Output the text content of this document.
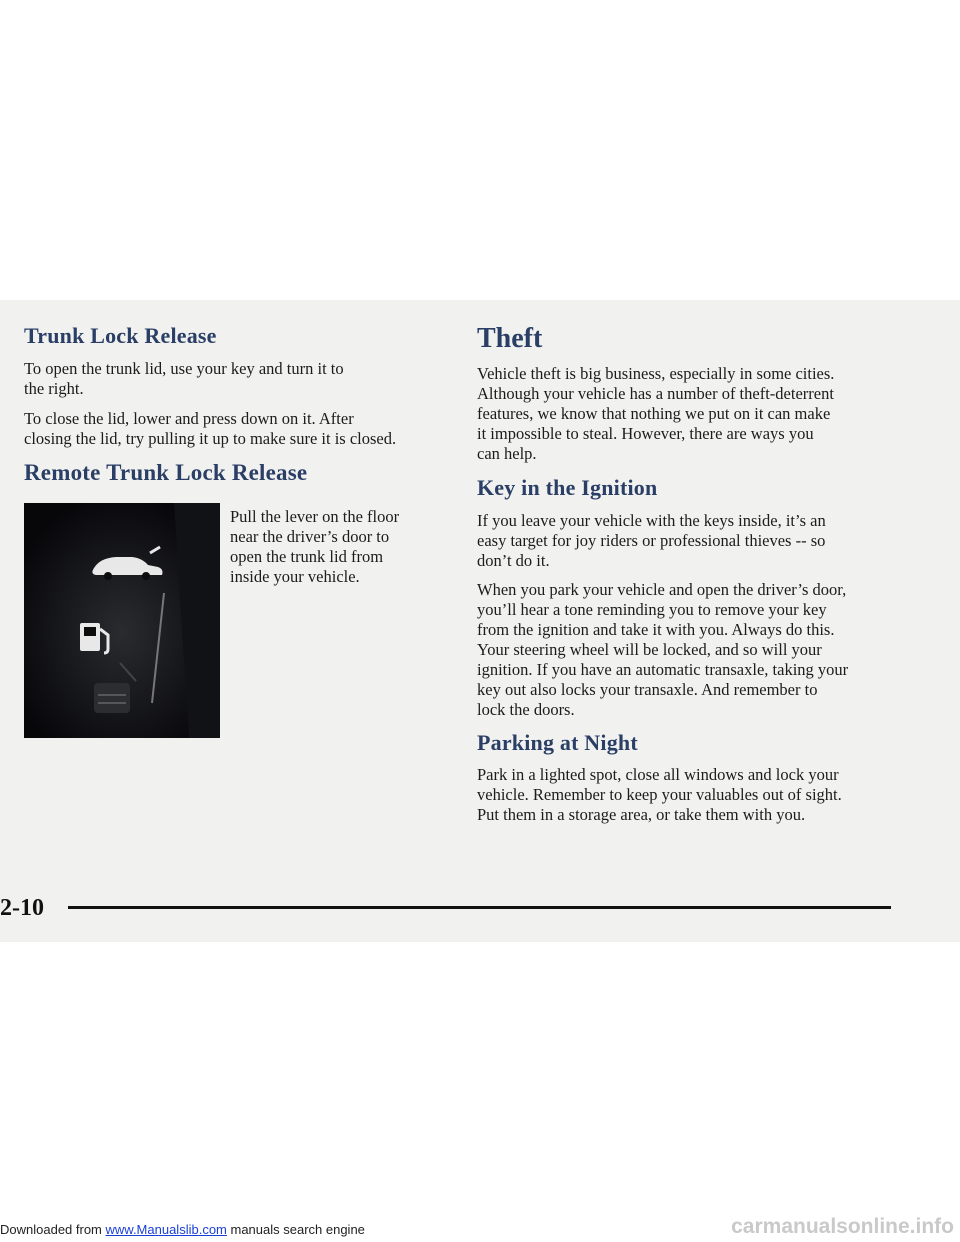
Trunk Lock Release
To open the trunk lid, use your key and turn it to
the right.
To close the lid, lower and press down on it. After
closing the lid, try pulling it up to make sure it is closed.
Remote Trunk Lock Release
Pull the lever on the floor
near the driver’s door to
open the trunk lid from
inside your vehicle.
Theft
Vehicle theft is big business, especially in some cities.
Although your vehicle has a number of theft-deterrent
features, we know that nothing we put on it can make
it impossible to steal. However, there are ways you
can help.
Key in the Ignition
If you leave your vehicle with the keys inside, it’s an
easy target for joy riders or professional thieves -- so
don’t do it.
When you park your vehicle and open the driver’s door,
you’ll hear a tone reminding you to remove your key
from the ignition and take it with you. Always do this.
Your steering wheel will be locked, and so will your
ignition. If you have an automatic transaxle, taking your
key out also locks your transaxle. And remember to
lock the doors.
Parking at Night
Park in a lighted spot, close all windows and lock your
vehicle. Remember to keep your valuables out of sight.
Put them in a storage area, or take them with you.
2-10
Downloaded from www.Manualslib.com manuals search engine	carmanualsonline.info
